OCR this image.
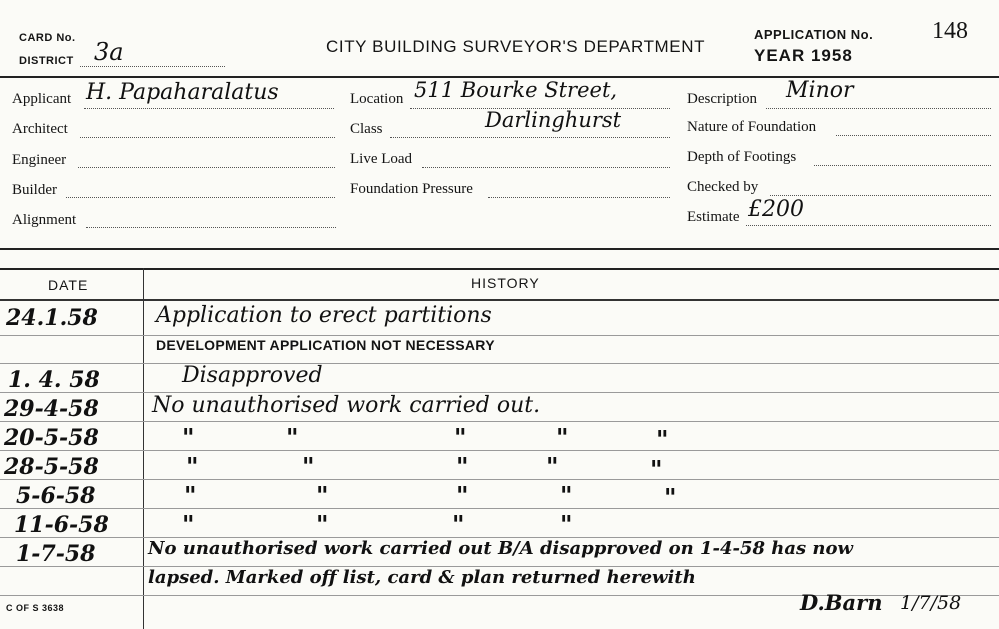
CARD No.
DISTRICT 3a	CITY BUILDING SURVEYOR'S DEPARTMENT
APPLICATION No. 148
YEAR 1958
Applicant H. Papaharalatus
Architect
Engineer
Builder
Alignment
Location 511 Bourke Street,
Class	Darlinghurst
Live Load
Foundation Pressure
Description Minor
Nature of Foundation
Depth of Footings
Checked by
Estimate £200
DATE	HISTORY
24.1.58	Application to erect partitions
DEVELOPMENT APPLICATION NOT NECESSARY
1. 4. 58	Disapproved
29-4-58 No unauthorised work carried out.
20-5-58	"	"	"	"	"
28-5-58	"	"	"	"	"
5-6-58	"	"	"	"	"
11-6-58	"	"	"	"
1-7-58	No unauthorised work carried out B/A disapproved on 1-4-58 has now
lapsed. Marked off list, card & plan returned herewith
D.Barn 1/7/58
C OF S 3638
